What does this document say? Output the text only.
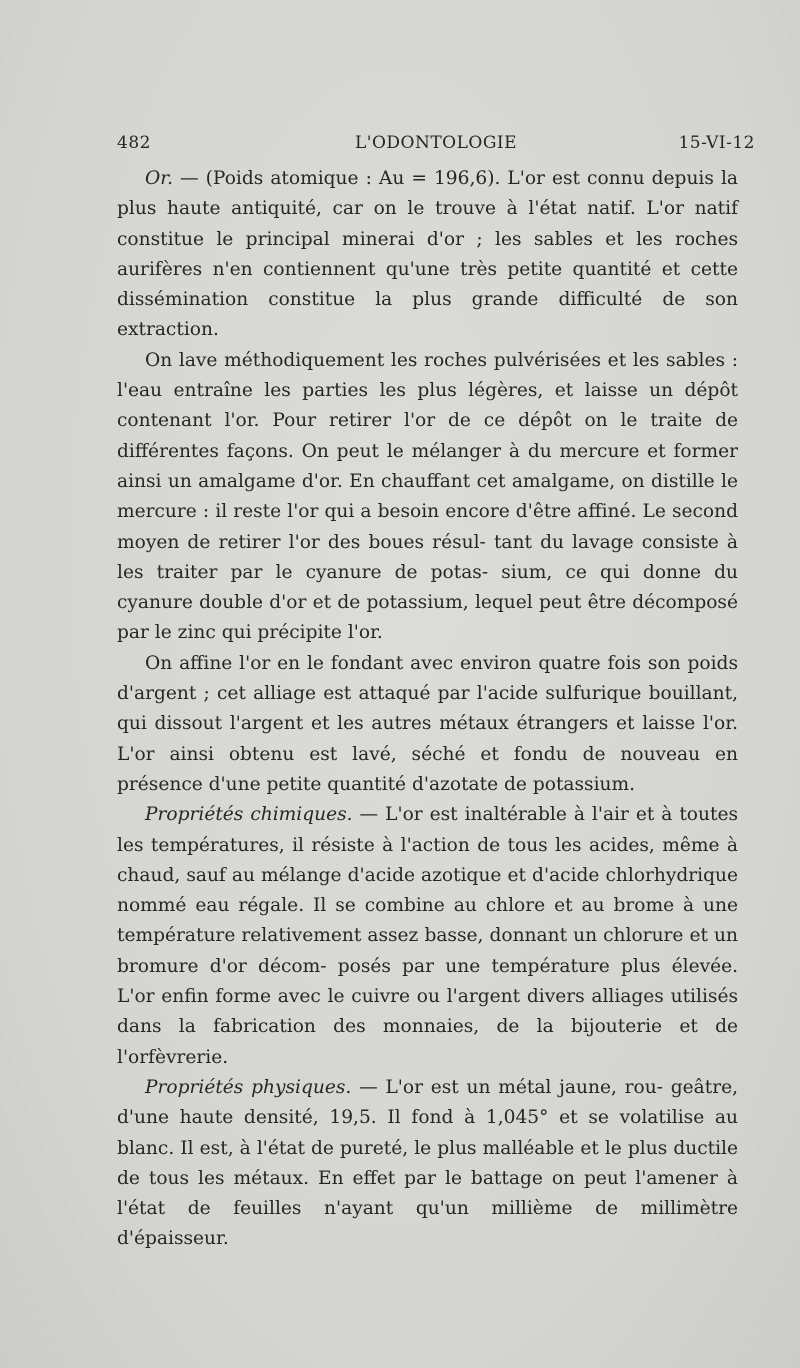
482	L'ODONTOLOGIE	15-VI-12

Or. — (Poids atomique : Au = 196,6). L'or est connu depuis la plus haute antiquité, car on le trouve à l'état natif. L'or natif constitue le principal minerai d'or ; les sables et les roches aurifères n'en contiennent qu'une très petite quantité et cette dissémination constitue la plus grande difficulté de son extraction.

On lave méthodiquement les roches pulvérisées et les sables : l'eau entraîne les parties les plus légères, et laisse un dépôt contenant l'or. Pour retirer l'or de ce dépôt on le traite de différentes façons. On peut le mélanger à du mercure et former ainsi un amalgame d'or. En chauffant cet amalgame, on distille le mercure : il reste l'or qui a besoin encore d'être affiné. Le second moyen de retirer l'or des boues résul- tant du lavage consiste à les traiter par le cyanure de potas- sium, ce qui donne du cyanure double d'or et de potassium, lequel peut être décomposé par le zinc qui précipite l'or.

On affine l'or en le fondant avec environ quatre fois son poids d'argent ; cet alliage est attaqué par l'acide sulfurique bouillant, qui dissout l'argent et les autres métaux étrangers et laisse l'or. L'or ainsi obtenu est lavé, séché et fondu de nouveau en présence d'une petite quantité d'azotate de potassium.

Propriétés chimiques. — L'or est inaltérable à l'air et à toutes les températures, il résiste à l'action de tous les acides, même à chaud, sauf au mélange d'acide azotique et d'acide chlorhydrique nommé eau régale. Il se combine au chlore et au brome à une température relativement assez basse, donnant un chlorure et un bromure d'or décom- posés par une température plus élevée. L'or enfin forme avec le cuivre ou l'argent divers alliages utilisés dans la fabrication des monnaies, de la bijouterie et de l'orfèvrerie.

Propriétés physiques. — L'or est un métal jaune, rou- geâtre, d'une haute densité, 19,5. Il fond à 1,045° et se volatilise au blanc. Il est, à l'état de pureté, le plus malléable et le plus ductile de tous les métaux. En effet par le battage on peut l'amener à l'état de feuilles n'ayant qu'un millième de millimètre d'épaisseur.
